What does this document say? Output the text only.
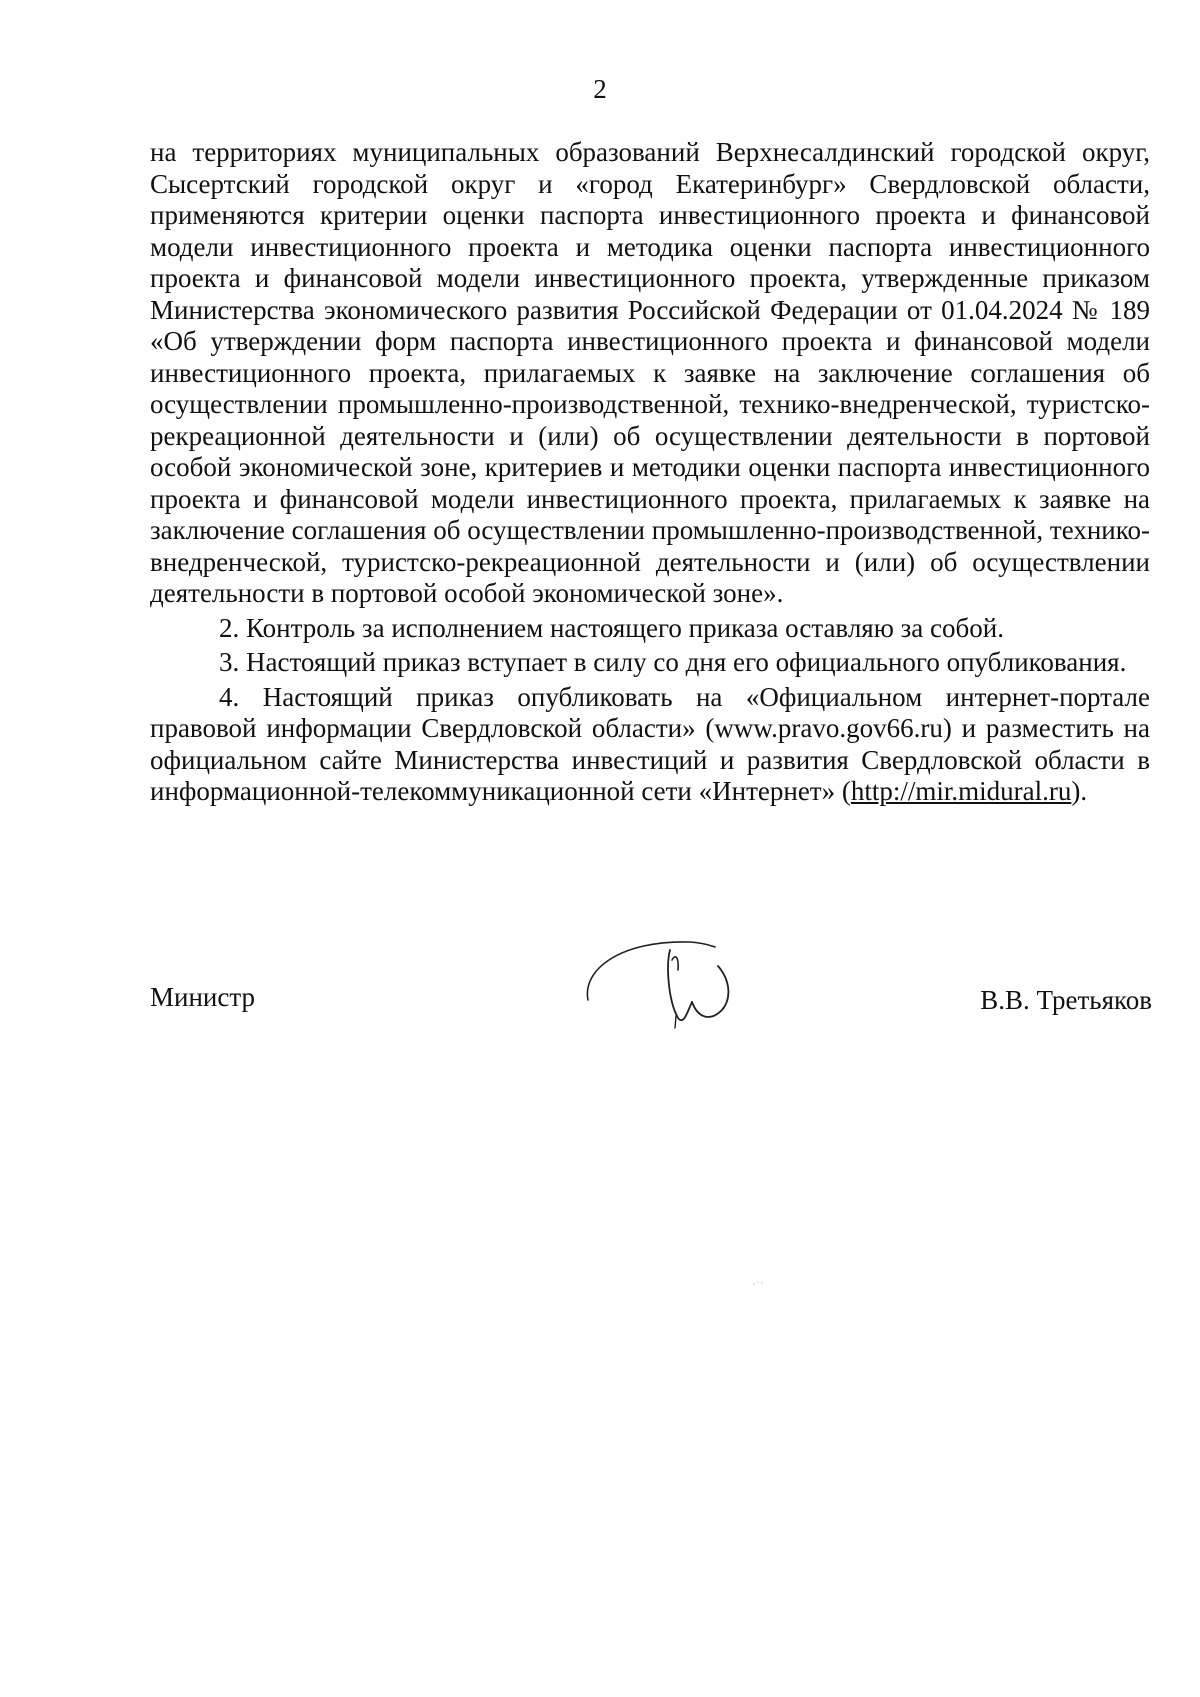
2

на территориях муниципальных образований Верхнесалдинский городской округ, Сысертский городской округ и «город Екатеринбург» Свердловской области, применяются критерии оценки паспорта инвестиционного проекта и финансовой модели инвестиционного проекта и методика оценки паспорта инвестиционного проекта и финансовой модели инвестиционного проекта, утвержденные приказом Министерства экономического развития Российской Федерации от 01.04.2024 № 189 «Об утверждении форм паспорта инвестиционного проекта и финансовой модели инвестиционного проекта, прилагаемых к заявке на заключение соглашения об осуществлении промышленно-производственной, технико-внедренческой, туристско-рекреационной деятельности и (или) об осуществлении деятельности в портовой особой экономической зоне, критериев и методики оценки паспорта инвестиционного проекта и финансовой модели инвестиционного проекта, прилагаемых к заявке на заключение соглашения об осуществлении промышленно-производственной, технико-внедренческой, туристско-рекреационной деятельности и (или) об осуществлении деятельности в портовой особой экономической зоне».

2. Контроль за исполнением настоящего приказа оставляю за собой.

3. Настоящий приказ вступает в силу со дня его официального опубликования.

4. Настоящий приказ опубликовать на «Официальном интернет-портале правовой информации Свердловской области» (www.pravo.gov66.ru) и разместить на официальном сайте Министерства инвестиций и развития Свердловской области в информационной-телекоммуникационной сети «Интернет» (http://mir.midural.ru).

Министр	В.В. Третьяков
